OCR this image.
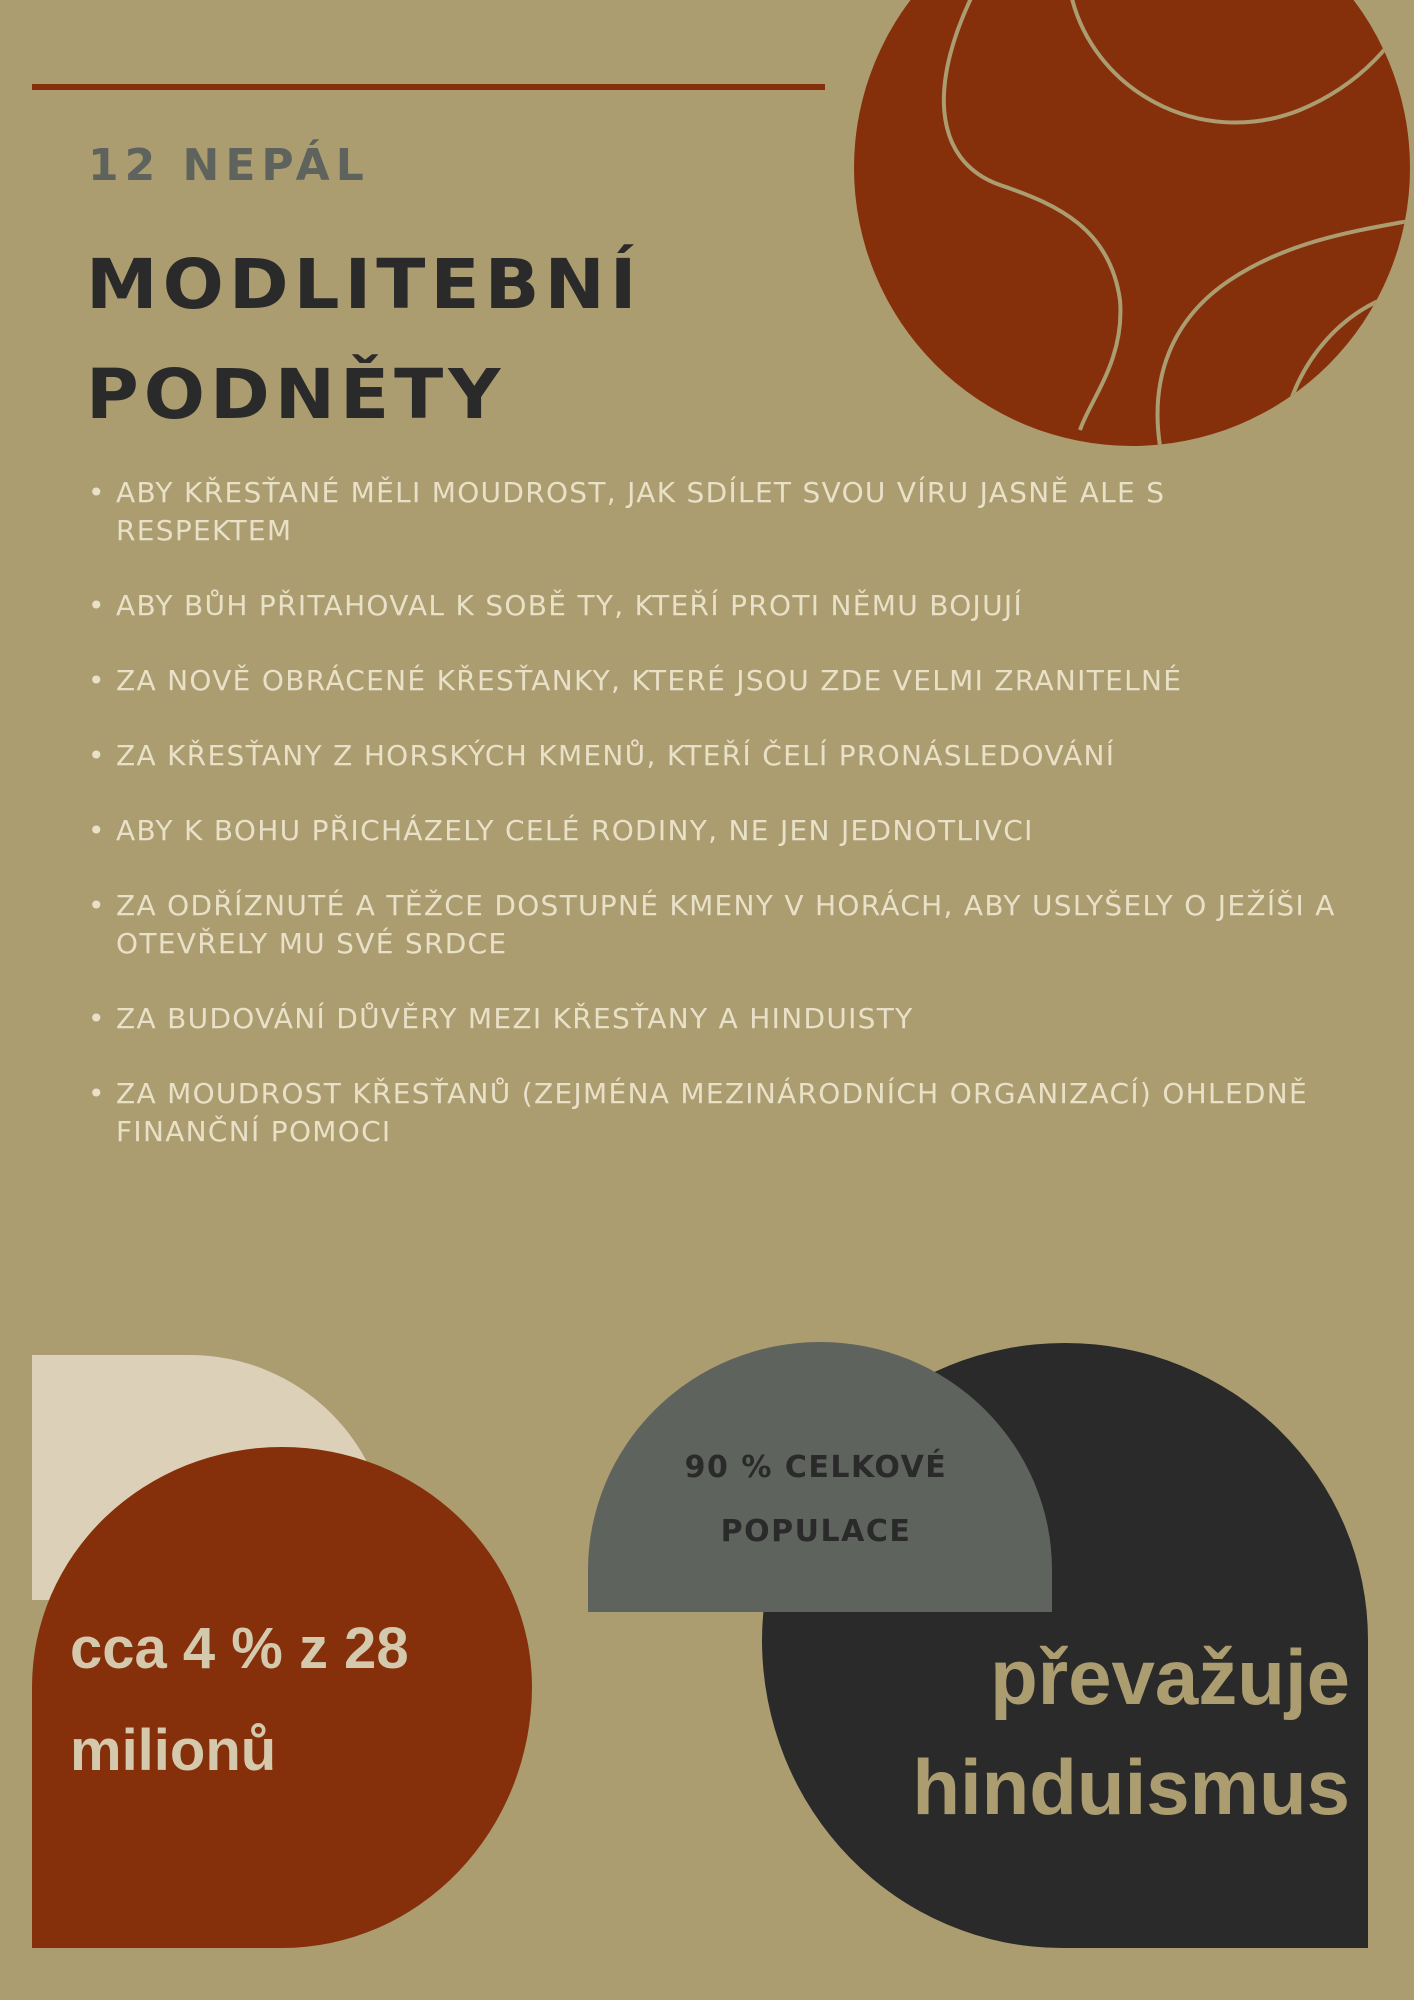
12 NEPÁL
MODLITEBNÍ
PODNĚTY
• ABY KŘESŤANÉ MĚLI MOUDROST, JAK SDÍLET SVOU VÍRU JASNĚ ALE S RESPEKTEM
• ABY BŮH PŘITAHOVAL K SOBĚ TY, KTEŘÍ PROTI NĚMU BOJUJÍ
• ZA NOVĚ OBRÁCENÉ KŘESŤANKY, KTERÉ JSOU ZDE VELMI ZRANITELNÉ
• ZA KŘESŤANY Z HORSKÝCH KMENŮ, KTEŘÍ ČELÍ PRONÁSLEDOVÁNÍ
• ABY K BOHU PŘICHÁZELY CELÉ RODINY, NE JEN JEDNOTLIVCI
• ZA ODŘÍZNUTÉ A TĚŽCE DOSTUPNÉ KMENY V HORÁCH, ABY USLYŠELY O JEŽÍŠI A OTEVŘELY MU SVÉ SRDCE
• ZA BUDOVÁNÍ DŮVĚRY MEZI KŘESŤANY A HINDUISTY
• ZA MOUDROST KŘESŤANŮ (ZEJMÉNA MEZINÁRODNÍCH ORGANIZACÍ) OHLEDNĚ FINANČNÍ POMOCI
cca 4 % z 28
milionů
90 % CELKOVÉ
POPULACE
převažuje
hinduismus
